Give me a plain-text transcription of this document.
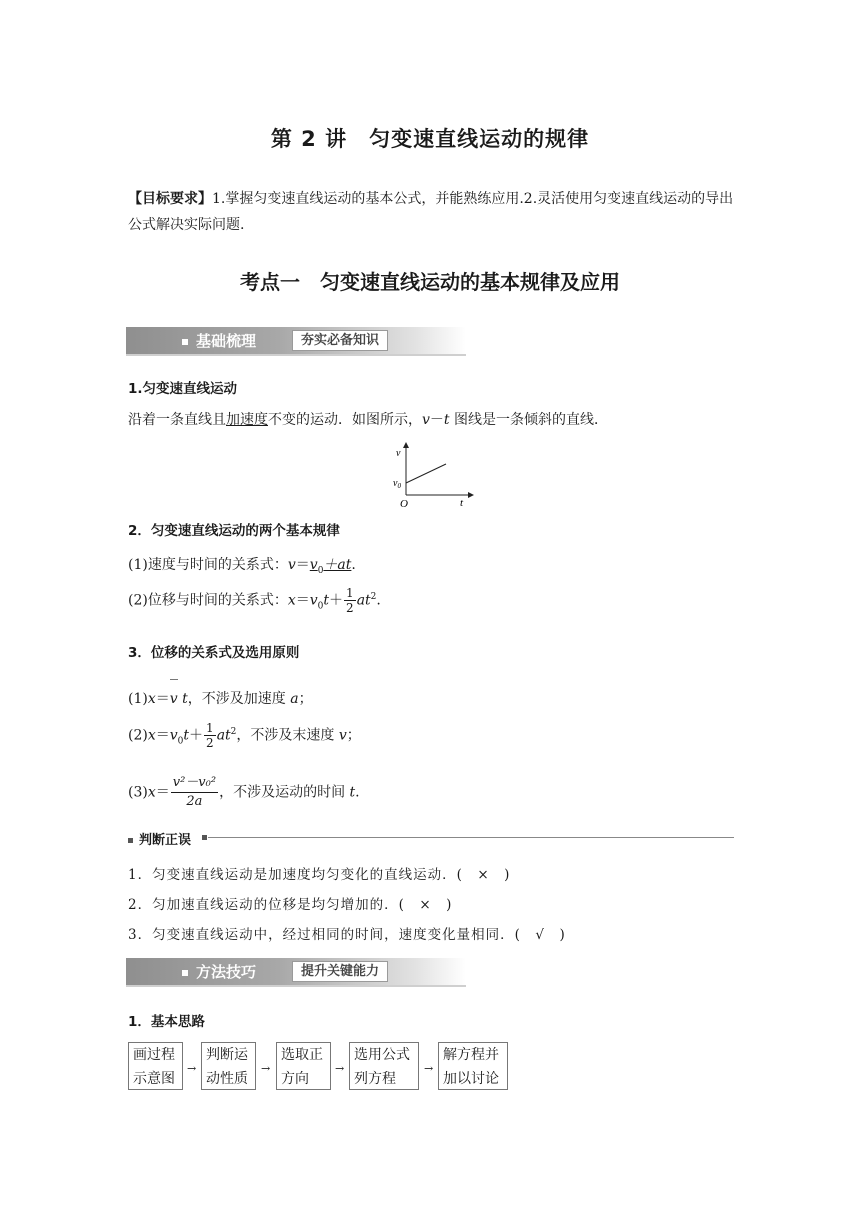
第 2 讲　匀变速直线运动的规律
【目标要求】1.掌握匀变速直线运动的基本公式，并能熟练应用.2.灵活使用匀变速直线运动的导出公式解决实际问题.
考点一　匀变速直线运动的基本规律及应用
基础梳理	夯实必备知识
1.匀变速直线运动
沿着一条直线且加速度不变的运动．如图所示，v－t 图线是一条倾斜的直线．
v
$v_0$
O	t
2．匀变速直线运动的两个基本规律
(1)速度与时间的关系式：$v=v_0+at$.
(2)位移与时间的关系式：$x=v_0t+ \frac{1}{2} at^2$.
3．位移的关系式及选用原则
(1)x＝v t，不涉及加速度 a；
$(2)x=v_0t+ \frac{1}{2} at^2$，不涉及末速度 v；
$(3)x= \frac{\text{v²－v₀²}}{2a}$ ，不涉及运动的时间 t.
判断正误
1．匀变速直线运动是加速度均匀变化的直线运动．(　×　)
2．匀加速直线运动的位移是均匀增加的．(　×　)
3．匀变速直线运动中，经过相同的时间，速度变化量相同．(　√　)
方法技巧	提升关键能力
1．基本思路
画过程
示意图
→
判断运
动性质
→
选取正
方向
→
选用公式
列方程
→
解方程并
加以讨论
